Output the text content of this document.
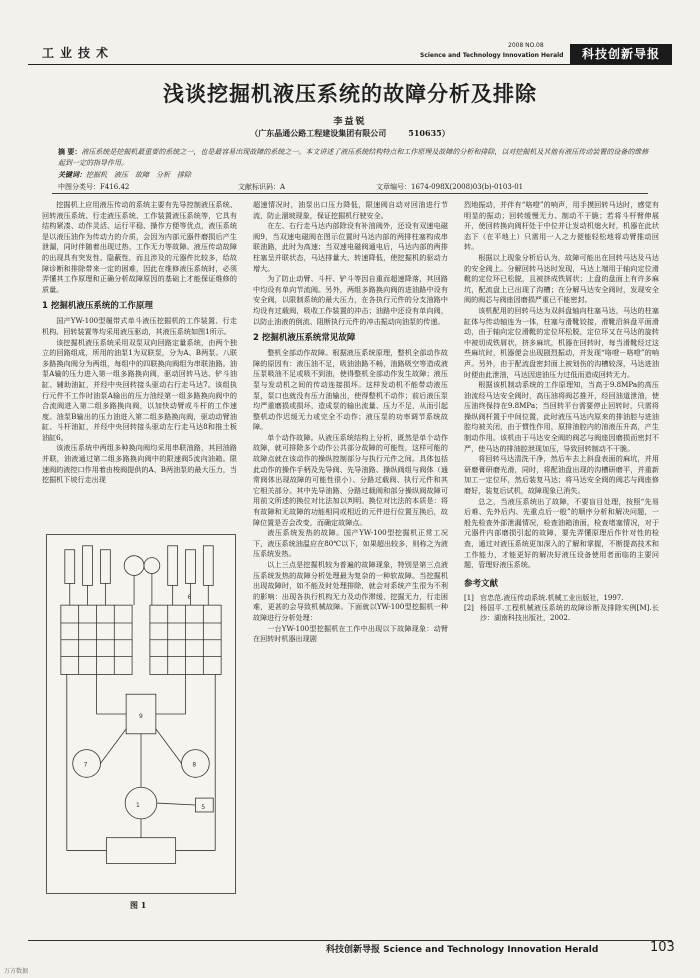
工业技术
2008 NO.08
Science and Technology Innovation Herald	科技创新导报
浅谈挖掘机液压系统的故障分析及排除
李益锐
（广东晶通公路工程建设集团有限公司	510635）
摘 要：液压系统是挖掘机最重要的系统之一，也是最容易出现故障的系统之一。本文讲述了液压系统结构特点和工作原理及故障的分析和排除，以对挖掘机及其他有液压传动装置的设备的维修起到一定的指导作用。
关键词：挖掘机　液压　故障　分析　排除
中图分类号：F416.42	文献标识码：A	文章编号：1674-098X(2008)03(b)-0103-01

挖掘机上应用液压传动的系统主要有先导控制液压系统、回转液压系统、行走液压系统、工作装置液压系统等，它具有结构紧凑、动作灵活、运行平稳、操作方便等优点，液压系统是以液压油作为传动力的介质，会因为内部元器件磨损后产生泄漏，同时伴随着出现过热、工作无力等故障。液压传动故障的出现具有突发性、隐蔽性，而且涉及的元器件比较多，给故障诊断和排除带来一定的困难，因此在维修液压系统时，必须弄懂其工作原理和正确分析故障原因的基础上才能保证维修的质量。

1 挖掘机液压系统的工作原理

国产YW-100型履带式单斗液压挖掘机的工作装置、行走机构、回转装置等均采用液压驱动，其液压系统如图1所示。

该挖掘机液压系统采用双泵双向回路定量系统，由两个独立的回路组成，所用的油泵1为双联泵，分为A、B两泵。八联多路换向阀分为两组，每组中的四联换向阀组为串联油路。油泵A输的压力进入第一组多路换向阀，驱动回转马达、铲斗油缸、辅助油缸，并经中央回转接头驱动右行走马达7。该组执行元件不工作时油泵A输出的压力油经第一组多路换向阀中的合流阀进入第二组多路换向阀，以加快动臂或斗杆的工作速度。油泵B输出的压力油进入第二组多路换向阀，驱动动臂油缸、斗杆油缸，并经中央回转接头驱动左行走马达8和推土板油缸6。

该液压系统中两组多种换向阀均采用串联油路，其回油路并联，油液通过第二组多路换向阀中的限速阀5流向油箱。限速阀的液控口作用着由梭阀提供的A、B两油泵的最大压力，当挖掘机下坡行走出现

1
7	8
5
9
6
图 1

超速情况时，油泵出口压力降低，限速阀自动对回油进行节流，防止溜坡现象，保证挖掘机行驶安全。

在左、右行走马达内部除设有补油阀外，还设有双速电磁阀9，当双速电磁阀在图示位置时马达内部的两排柱塞构成串联油路，此时为高速；当双速电磁阀通电后，马达内部的两排柱塞呈并联状态，马达排量大、转速降低，使挖掘机的驱动力增大。

为了防止动臂、斗杆、铲斗等因自重而超速降落，其回路中均设有单向节流阀。另外，两组多路换向阀的进油路中设有安全阀，以限制系统的最大压力，在各执行元件的分支油路中均设有过载阀，吸收工作装置的冲击；油路中还设有单向阀，以防止油液的倒流、阻断执行元件的冲击振动向油泵的传递。

2 挖掘机液压系统常见故障

整机全部动作故障。根据液压系统原理，整机全部动作故障的原因有：液压油不足，吸油油路不畅，油路吸空等造成液压泵吸油不足或吸不到油，使得整机全部动作发生故障；液压泵与发动机之间的传动连接损坏。这样发动机不能带动液压泵，泵口也就没有压力油输出，使得整机不动作；前后液压泵均严重磨损或损坏，造成泵的输出流量、压力不足，从而引起整机动作迟缓无力或完全不动作；液压泵的功率调节系统故障。

单个动作故障。从液压系统结构上分析，既然是单个动作故障，就可排除多个动作公共部分故障的可能性，这样可能的故障点就在该动作的操纵控制部分与执行元件之间。具体包括此动作的操作手柄及先导阀、先导油路、操纵阀组与阀体（通常阀体出现故障的可能性很小）、分路过载阀、执行元件和其它相关部分。其中先导油路、分路过载阀和部分操纵阀故障可用前文所述的换位对比法加以判明。换位对比法的本质是：将有故障和无故障的功能相同或相近的元件进行位置互换后，故障位置是否会改变，而确定故障点。

液压系统发热的故障。国产YW-100型挖掘机正常工况下，液压系统油温应在80℃以下，如果超出较多，则称之为液压系统发热。

以上三点是挖掘机较为普遍的故障现象，特别是第三点液压系统发热的故障分析处理最为复杂的一种软故障。当挖掘机出现故障时，如不能及时处理排除，就会对系统产生很为不利的影响：出现各执行机构无力及动作滞缓、挖掘无力，行走困难，更甚的会导致机械故障。下面就以YW-100型挖掘机一种故障进行分析处理：

一台YW-100型挖掘机在工作中出现以下故障现象：动臂在回转时机器出现剧

烈地振动，并伴有“咯噔”的响声，用手摸回转马达时，感觉有明显的振动；回转缓慢无力、制动不干脆；若将斗杆臂伸展开，使回转换向阀杆处于中位并让发动机熄火时，机器在此状态下（在平地上）只需用一人之力便能轻松地将动臂推动回转。

根据以上现象分析后认为，故障可能出在回转马达及马达的安全阀上。分解回转马达时发现，马达上端用于轴向定位滑靴的定位环已松脱，且被挤成铁屑状；上盘的盘面上有许多麻坑，配流盘上已出现了沟槽；在分解马达安全阀时，发现安全阀的阀芯与阀座因磨损严重已不能密封。

该机配用的回转马达为双斜盘轴向柱塞马达，马达的柱塞缸体与传动轴连为一体，柱塞与滑靴铰接，滑靴沿斜盘平面滑动，由于轴向定位滑靴的定位环松脱，定位环又在马达的旋转中被切成铁屑状，挤多麻坑，机器在回转时，每当滑靴经过这些麻坑时，机器便会出现剧烈振动，并发现“咯噔－咯噔”的响声。另外，由于配流盘密封面上被划伤的沟槽较深，马达进油时便由此泄油，马达因进油压力过低而造成回转无力。

根据该机制动系统的工作原理知，当高于9.8MPa的高压油流经马达安全阀时，高压油将阀芯推开，经回油道泄油，使压油终保持在9.8MPa；当回转平台需要停止回转时，只需将操纵阀杆置于中间位置，此时液压马达内原来的排油腔与进油腔均被关闭，由于惯性作用，原排油腔内的油液压升高，产生制动作用。该机由于马达安全阀的阀芯与阀座因磨损而密封不严，使马达的排油腔泄现加压，导致回转制动不干脆。

将回转马达清洗干净，然后车去上斜盘表面的麻坑，并用研磨膏研磨光滑，同时，将配油盘出现的沟槽研磨平，并重新加工一定位环，然后装复马达；将马达安全阀的阀芯与阀座修磨好，装复后试机，故障现象已消失。

总之，当液压系统出了故障，不要盲目处理，按照“先易后难、先外后内、先重点后一般”的顺序分析和解决问题，一般先检查外部泄漏情况，检查油箱油面，检查堵塞情况，对于元器件内部磨损引起的故障，要先弄懂原理后作针对性的检查，通过对液压系统更加深入的了解和掌握，不断提高技术和工作能力，才能更好的解决好液压设备使用者面临的主要问题，管理好液压系统。

参考文献
[1] 官忠范.液压传动系统.机械工业出版社，1997.
[2] 杨国平.工程机械液压系统的故障诊断及排除实例[M].长沙：湖南科技出版社，2002.
科技创新导报 Science and Technology Innovation Herald	103
万方数据
